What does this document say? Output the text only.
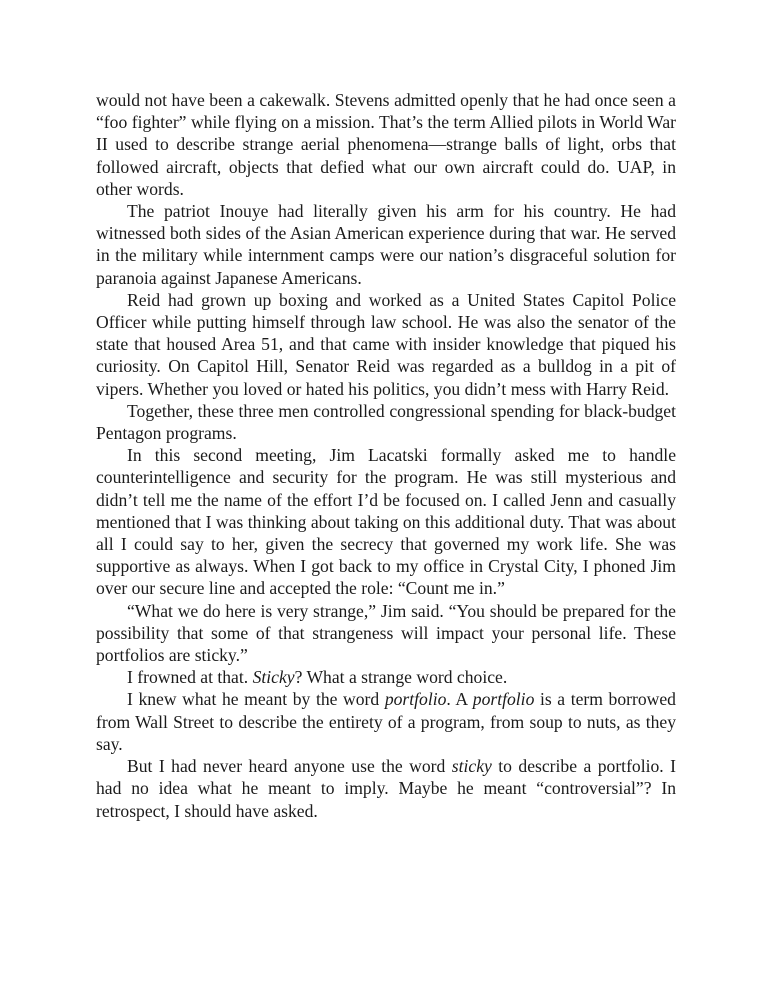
would not have been a cakewalk. Stevens admitted openly that he had once seen a “foo fighter” while flying on a mission. That’s the term Allied pilots in World War II used to describe strange aerial phenomena—strange balls of light, orbs that followed aircraft, objects that defied what our own aircraft could do. UAP, in other words.

The patriot Inouye had literally given his arm for his country. He had witnessed both sides of the Asian American experience during that war. He served in the military while internment camps were our nation’s disgraceful solution for paranoia against Japanese Americans.

Reid had grown up boxing and worked as a United States Capitol Police Officer while putting himself through law school. He was also the senator of the state that housed Area 51, and that came with insider knowledge that piqued his curiosity. On Capitol Hill, Senator Reid was regarded as a bulldog in a pit of vipers. Whether you loved or hated his politics, you didn’t mess with Harry Reid.

Together, these three men controlled congressional spending for black-budget Pentagon programs.

In this second meeting, Jim Lacatski formally asked me to handle counterintelligence and security for the program. He was still mysterious and didn’t tell me the name of the effort I’d be focused on. I called Jenn and casually mentioned that I was thinking about taking on this additional duty. That was about all I could say to her, given the secrecy that governed my work life. She was supportive as always. When I got back to my office in Crystal City, I phoned Jim over our secure line and accepted the role: “Count me in.”

“What we do here is very strange,” Jim said. “You should be prepared for the possibility that some of that strangeness will impact your personal life. These portfolios are sticky.”

I frowned at that. Sticky? What a strange word choice.

I knew what he meant by the word portfolio. A portfolio is a term borrowed from Wall Street to describe the entirety of a program, from soup to nuts, as they say.

But I had never heard anyone use the word sticky to describe a portfolio. I had no idea what he meant to imply. Maybe he meant “controversial”? In retrospect, I should have asked.
